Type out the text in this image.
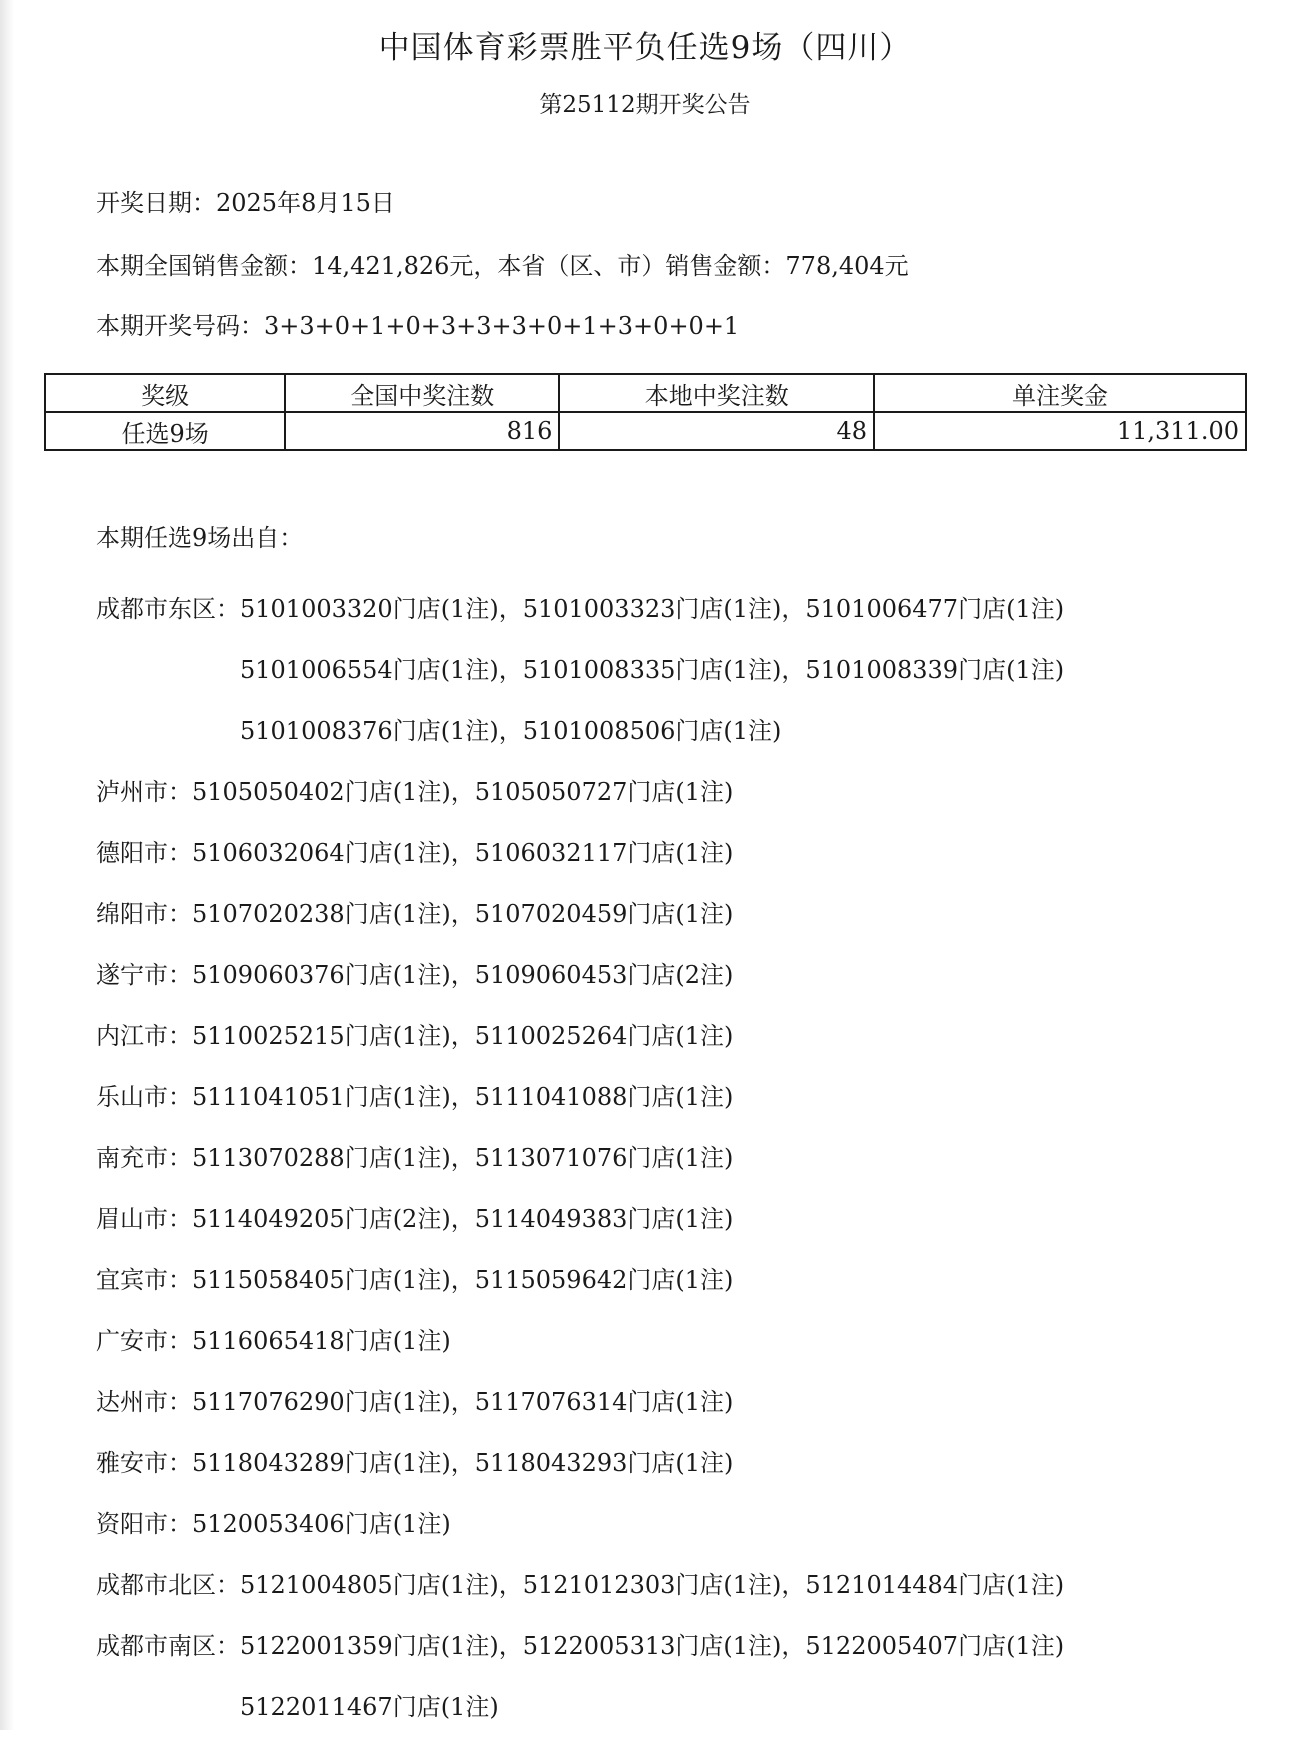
中国体育彩票胜平负任选9场（四川）
第25112期开奖公告
开奖日期：2025年8月15日
本期全国销售金额：14,421,826元，本省（区、市）销售金额：778,404元
本期开奖号码：3+3+0+1+0+3+3+3+0+1+3+0+0+1
奖级	全国中奖注数	本地中奖注数	单注奖金
任选9场	816	48	11,311.00
本期任选9场出自：
成都市东区： 5101003320门店(1注)，5101003323门店(1注)，5101006477门店(1注)
5101006554门店(1注)，5101008335门店(1注)，5101008339门店(1注)
5101008376门店(1注)，5101008506门店(1注)
泸州市： 5105050402门店(1注)，5105050727门店(1注)
德阳市： 5106032064门店(1注)，5106032117门店(1注)
绵阳市： 5107020238门店(1注)，5107020459门店(1注)
遂宁市： 5109060376门店(1注)，5109060453门店(2注)
内江市： 5110025215门店(1注)，5110025264门店(1注)
乐山市： 5111041051门店(1注)，5111041088门店(1注)
南充市： 5113070288门店(1注)，5113071076门店(1注)
眉山市： 5114049205门店(2注)，5114049383门店(1注)
宜宾市： 5115058405门店(1注)，5115059642门店(1注)
广安市： 5116065418门店(1注)
达州市： 5117076290门店(1注)，5117076314门店(1注)
雅安市： 5118043289门店(1注)，5118043293门店(1注)
资阳市： 5120053406门店(1注)
成都市北区： 5121004805门店(1注)，5121012303门店(1注)，5121014484门店(1注)
成都市南区： 5122001359门店(1注)，5122005313门店(1注)，5122005407门店(1注)
5122011467门店(1注)
